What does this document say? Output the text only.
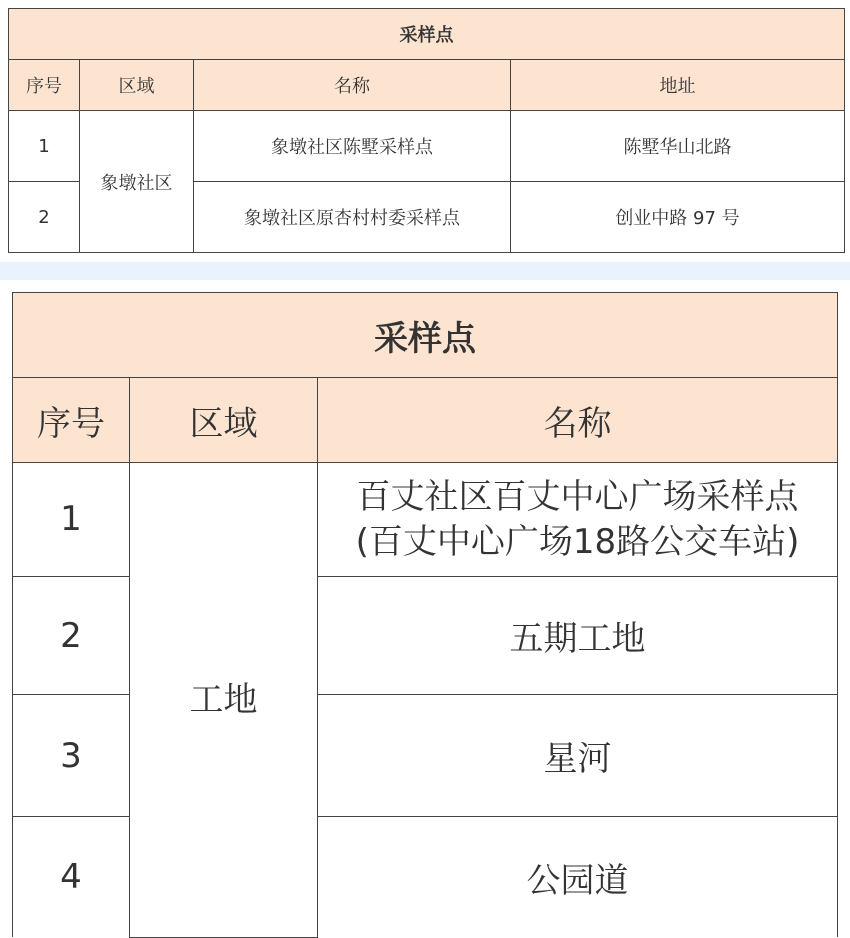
采样点			
序号	区域	名称	地址
1	象墩社区	象墩社区陈墅采样点	陈墅华山北路
2		象墩社区原杏村村委采样点	创业中路 97 号
采样点		
序号	区域	名称
1	工地	百丈社区百丈中心广场采样点
(百丈中心广场18路公交车站)

2		五期工地
3		星河
4		公园道
